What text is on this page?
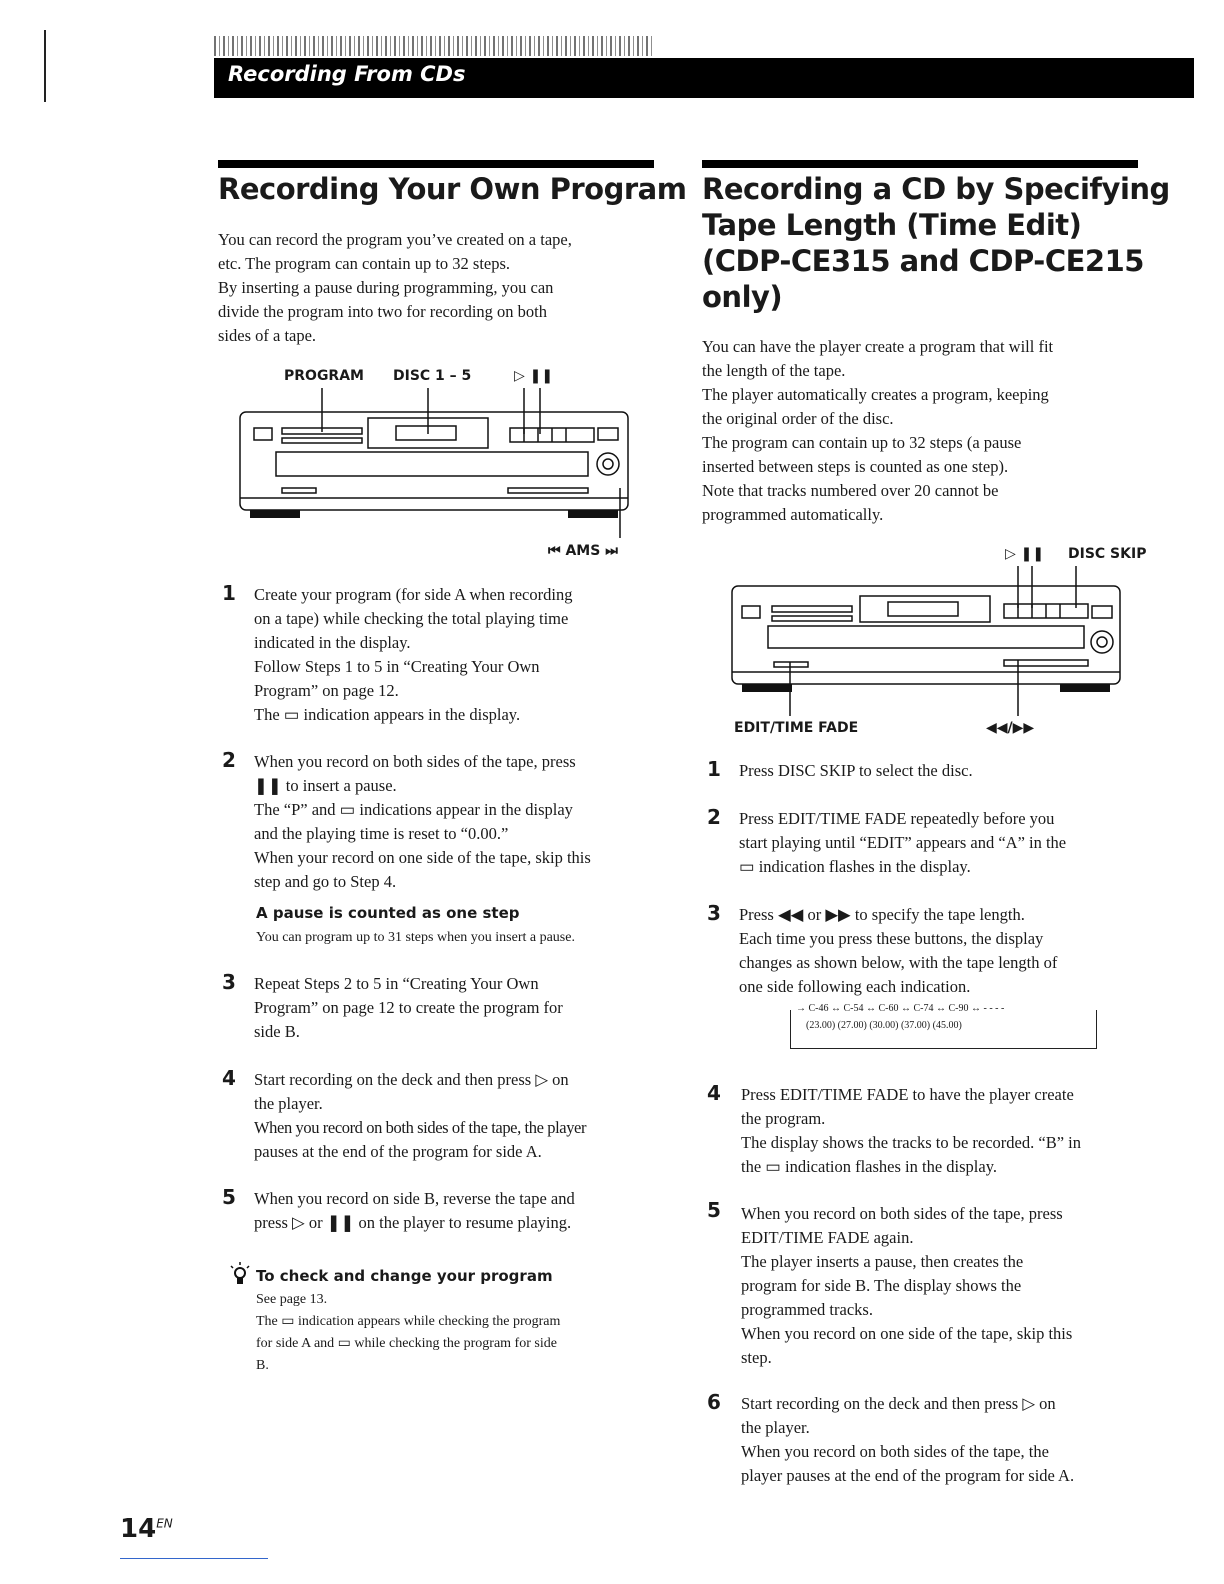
Recording From CDs
Recording Your Own Program
You can record the program you’ve created on a tape,
etc. The program can contain up to 32 steps.
By inserting a pause during programming, you can
divide the program into two for recording on both
sides of a tape.
PROGRAM DISC 1 – 5	▷ ❚❚
⏮ AMS ⏭
1 Create your program (for side A when recording
on a tape) while checking the total playing time
indicated in the display.
Follow Steps 1 to 5 in “Creating Your Own
Program” on page 12.
The ▭ indication appears in the display.
2 When you record on both sides of the tape, press
❚❚ to insert a pause.
The “P” and ▭ indications appear in the display
and the playing time is reset to “0.00.”
When your record on one side of the tape, skip this
step and go to Step 4.
A pause is counted as one step
You can program up to 31 steps when you insert a pause.
3 Repeat Steps 2 to 5 in “Creating Your Own
Program” on page 12 to create the program for
side B.
4 Start recording on the deck and then press ▷ on
the player.
When you record on both sides of the tape, the player
pauses at the end of the program for side A.
5 When you record on side B, reverse the tape and
press ▷ or ❚❚ on the player to resume playing.
To check and change your program
See page 13.
The ▭ indication appears while checking the program
for side A and ▭ while checking the program for side
B.
Recording a CD by Specifying
Tape Length (Time Edit)
(CDP-CE315 and CDP-CE215
only)
You can have the player create a program that will fit
the length of the tape.
The player automatically creates a program, keeping
the original order of the disc.
The program can contain up to 32 steps (a pause
inserted between steps is counted as one step).
Note that tracks numbered over 20 cannot be
programmed automatically.
▷ ❚❚ DISC SKIP
EDIT/TIME FADE	◀◀/▶▶
1 Press DISC SKIP to select the disc.
2 Press EDIT/TIME FADE repeatedly before you
start playing until “EDIT” appears and “A” in the
▭ indication flashes in the display.
3 Press ◀◀ or ▶▶ to specify the tape length.
Each time you press these buttons, the display
changes as shown below, with the tape length of
one side following each indication.
→ C-46 ↔ C-54 ↔ C-60 ↔ C-74 ↔ C-90 ↔ - - - -
(23.00) (27.00) (30.00) (37.00) (45.00)
4 Press EDIT/TIME FADE to have the player create
the program.
The display shows the tracks to be recorded. “B” in
the ▭ indication flashes in the display.
5 When you record on both sides of the tape, press
EDIT/TIME FADE again.
The player inserts a pause, then creates the
program for side B. The display shows the
programmed tracks.
When you record on one side of the tape, skip this
step.
6 Start recording on the deck and then press ▷ on
the player.
When you record on both sides of the tape, the
player pauses at the end of the program for side A.
$14^{EN}$
